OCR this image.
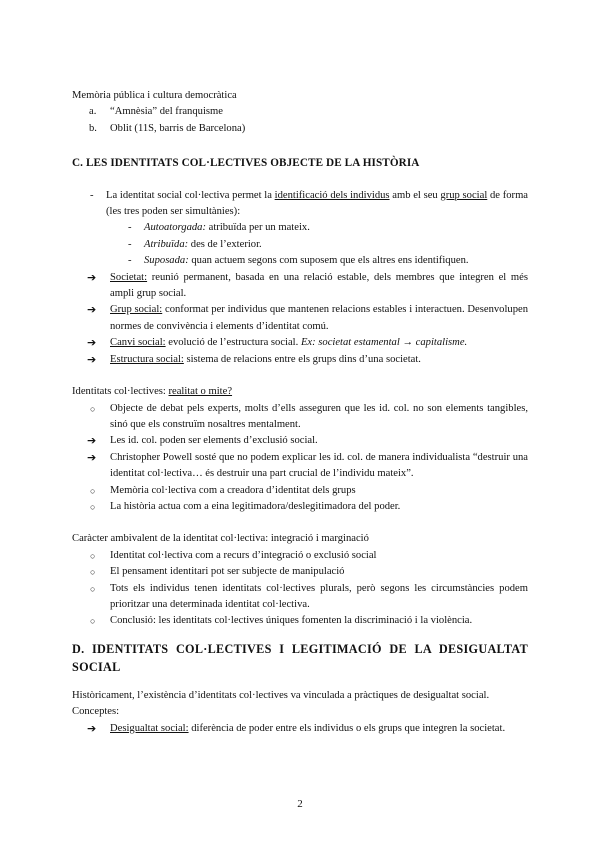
Memòria pública i cultura democràtica

a. “Amnèsia” del franquisme
b. Oblit (11S, barris de Barcelona)

C. LES IDENTITATS COL·LECTIVES OBJECTE DE LA HISTÒRIA

- La identitat social col·lectiva permet la identificació dels individus amb el seu grup social de forma (les tres poden ser simultànies):
- Autoatorgada: atribuïda per un mateix.
- Atribuïda: des de l’exterior.
- Suposada: quan actuem segons com suposem que els altres ens identifiquen.
➔ Societat: reunió permanent, basada en una relació estable, dels membres que integren el més ampli grup social.
➔ Grup social: conformat per individus que mantenen relacions estables i interactuen. Desenvolupen normes de convivència i elements d’identitat comú.
➔ Canvi social: evolució de l’estructura social. Ex: societat estamental → capitalisme.
➔ Estructura social: sistema de relacions entre els grups dins d’una societat.

Identitats col·lectives: realitat o mite?

○ Objecte de debat pels experts, molts d’ells asseguren que les id. col. no son elements tangibles, sinó que els construïm nosaltres mentalment.
➔ Les id. col. poden ser elements d’exclusió social.
➔ Christopher Powell sosté que no podem explicar les id. col. de manera individualista “destruir una identitat col·lectiva… és destruir una part crucial de l’individu mateix”.
○ Memòria col·lectiva com a creadora d’identitat dels grups
○ La història actua com a eina legitimadora/deslegitimadora del poder.

Caràcter ambivalent de la identitat col·lectiva: integració i marginació

○ Identitat col·lectiva com a recurs d’integració o exclusió social
○ El pensament identitari pot ser subjecte de manipulació
○ Tots els individus tenen identitats col·lectives plurals, però segons les circumstàncies podem prioritzar una determinada identitat col·lectiva.
○ Conclusió: les identitats col·lectives úniques fomenten la discriminació i la violència.

D. IDENTITATS COL·LECTIVES I LEGITIMACIÓ DE LA DESIGUALTAT SOCIAL

Històricament, l’existència d’identitats col·lectives va vinculada a pràctiques de desigualtat social.

Conceptes:

➔ Desigualtat social: diferència de poder entre els individus o els grups que integren la societat.
2
